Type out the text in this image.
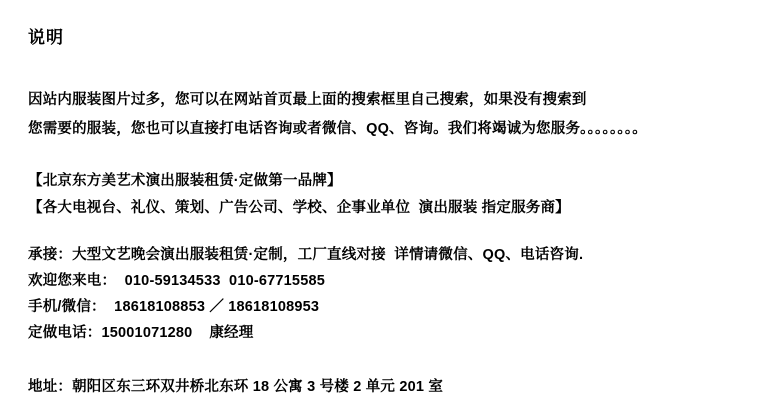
说明

因站内服装图片过多，您可以在网站首页最上面的搜索框里自己搜索，如果没有搜索到

您需要的服装，您也可以直接打电话咨询或者微信、QQ、咨询。我们将竭诚为您服务。。。。。。。。

【北京东方美艺术演出服装租赁·定做第一品牌】

【各大电视台、礼仪、策划、广告公司、学校、企事业单位  演出服装 指定服务商】

承接：大型文艺晚会演出服装租赁·定制，工厂直线对接  详情请微信、QQ、电话咨询.

欢迎您来电：  010-59134533  010-67715585

手机/微信：  18618108853 ／ 18618108953

定做电话：15001071280    康经理

地址：朝阳区东三环双井桥北东环 18 公寓 3 号楼 2 单元 201 室
